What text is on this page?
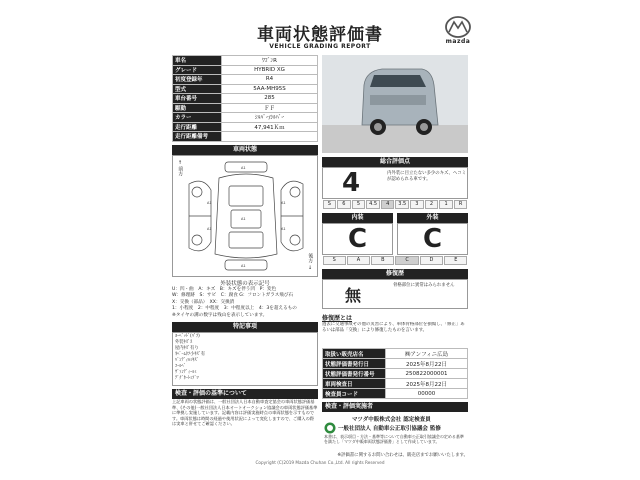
車両状態評価書
VEHICLE GRADING REPORT
mazda
車名	ﾜｺﾞﾝR
グレード	HYBRID XG
初度登録年	R4
型式	5AA-MH95S
車台番号	285
駆動	ＦＦ
カラー	ｼﾙﾊﾞｰ/ｼﾙﾊﾞｰ
走行距離	47,941Ｋｍ
走行距離備考	
車両状態
↑
前方
後方
↓
A1
A1	A1
A1
A1	A1
A1
外装状態の表示記号
U：凹・曲　A：キズ　B：キズを伴う凹　P：変色
W：修理跡　S：サビ　C：腐食 G：フロントガラス飛び石
X：交換（部品）　XX：交換済
1：小程度　2：中程度　3：中程度以上　4：3を超えるもの
※タイヤの溝の数字は残山を表示しています。
特記事項
ﾖｰﾍﾞｯﾄﾞ(ﾊﾟﾌ)
外装ｷｽﾞｽ
屋内ｷｽﾞ有り
ﾈﾍﾞｰﾑﾈﾌ小ｷｽﾞ有
ﾊﾞﾝﾃﾞｨﾙﾐｷｽﾞ
ｺｰﾙﾍﾞ
ｳﾞｧﾝﾃﾞｨｰﾙﾐ
ﾃﾞﾁﾞﾈｰﾄﾐﾌﾞﾂ
検査・評価の基準について
上記車両の状態評価は、一般社団法人日本自動車査定協会の車両状態評価基準、(その他)一般社団法人日本オートオークション協議会の車両状態評価基準に準拠し実施しています。記載内容は評価実施時点の車両状態を示すものです。車両状態は時間の経過や使用状況によって変化しますので、ご購入の際は実車と併せてご確認ください。
総合評価点
4	内外装に目立たない多少のキズ、ヘコミが認められる車です。
S	6	5	4.5	4	3.5	3	2	1	R
内装
C
外装
C
S	A	B	C	D	E
修復歴
無
骨格部位に異常はみられません
修復歴とは
過去に交通事故その他の災害により、車体骨格部位を損傷し、「修正」あるいは部品「交換」により修復したものを言います。
取扱い販売店名	㈱アンフィニ広島
状態評価書発行日	2025年8月22日
状態評価書発行番号	250822000001
車両検査日	2025年8月22日
検査員コード	00000
検査・評価実施者
マツダ中販株式会社 認定検査員
一般社団法人 自動車公正取引協議会 監修
本書は、表示項目・方法・基準等について自動車公正取引協議会の定める基準を満たし「マツダ中販車両状態評価書」として作成しています。
※評価書に関するお問い合わせは、販売店までお願いいたします。
Copyright (C)2019 Mazda Chuhan Co.,Ltd. All rights Reserved
